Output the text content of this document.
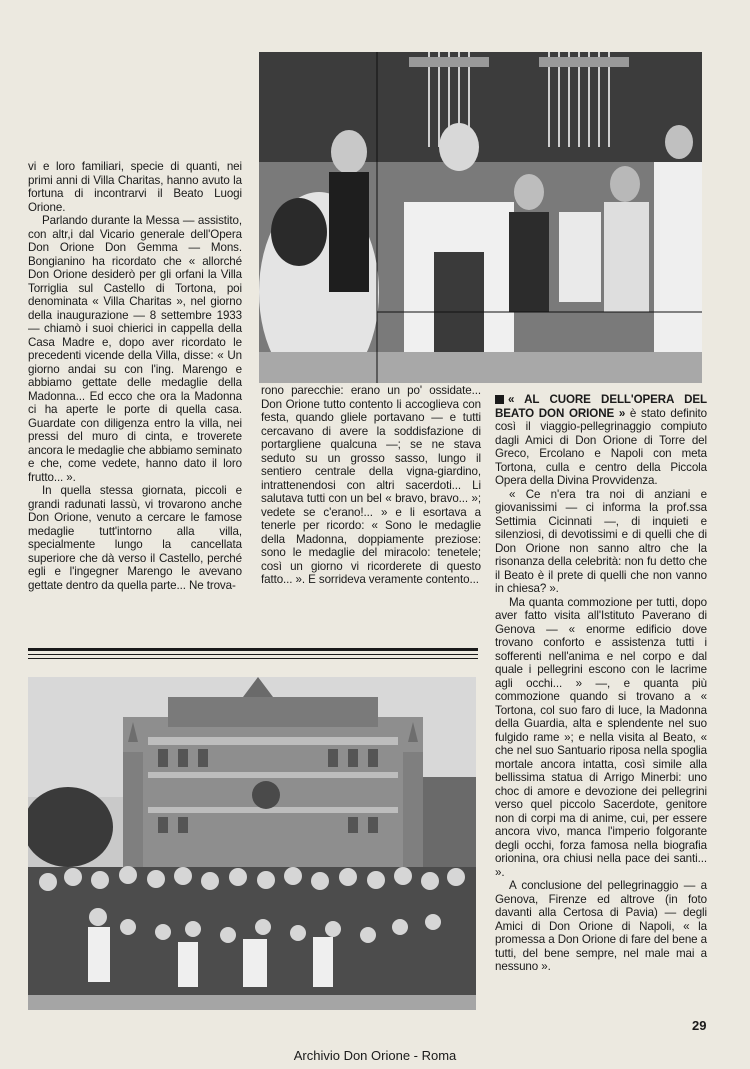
vi e loro familiari, specie di quanti, nei primi anni di Villa Charitas, hanno avuto la fortuna di incontrarvi il Beato Luogi Orione.

Parlando durante la Messa — assistito, con altr,i dal Vicario generale dell'Opera Don Orione Don Gemma — Mons. Bongianino ha ricordato che « allorché Don Orione desiderò per gli orfani la Villa Torriglia sul Castello di Tortona, poi denominata « Villa Charitas », nel giorno della inaugurazione — 8 settembre 1933 — chiamò i suoi chierici in cappella della Casa Madre e, dopo aver ricordato le precedenti vicende della Villa, disse: « Un giorno andai su con l'ing. Marengo e abbiamo gettate delle medaglie della Madonna... Ed ecco che ora la Madonna ci ha aperte le porte di quella casa. Guardate con diligenza entro la villa, nei pressi del muro di cinta, e troverete ancora le medaglie che abbiamo seminato e che, come vedete, hanno dato il loro frutto... ».

In quella stessa giornata, piccoli e grandi radunati lassù, vi trovarono anche Don Orione, venuto a cercare le famose medaglie tutt'intorno alla villa, specialmente lungo la cancellata superiore che dà verso il Castello, perché egli e l'ingegner Marengo le avevano gettate dentro da quella parte... Ne trova-

rono parecchie: erano un po' ossidate... Don Orione tutto contento li accoglieva con festa, quando gliele portavano — e tutti cercavano di avere la soddisfazione di portargliene qualcuna —; se ne stava seduto su un grosso sasso, lungo il sentiero centrale della vigna-giardino, intrattenendosi con altri sacerdoti... Li salutava tutti con un bel « bravo, bravo... »; vedete se c'erano!... » e li esortava a tenerle per ricordo: « Sono le medaglie della Madonna, doppiamente preziose: sono le medaglie del miracolo: tenetele; così un giorno vi ricorderete di questo fatto... ». E sorrideva veramente contento...

« AL CUORE DELL'OPERA DEL BEATO DON ORIONE » è stato definito così il viaggio-pellegrinaggio compiuto dagli Amici di Don Orione di Torre del Greco, Ercolano e Napoli con meta Tortona, culla e centro della Piccola Opera della Divina Provvidenza.

« Ce n'era tra noi di anziani e giovanissimi — ci informa la prof.ssa Settimia Cicinnati —, di inquieti e silenziosi, di devotissimi e di quelli che di Don Orione non sanno altro che la risonanza della celebrità: non fu detto che il Beato è il prete di quelli che non vanno in chiesa? ».

Ma quanta commozione per tutti, dopo aver fatto visita all'Istituto Paverano di Genova — « enorme edificio dove trovano conforto e assistenza tutti i sofferenti nell'anima e nel corpo e dal quale i pellegrini escono con le lacrime agli occhi... » —, e quanta più commozione quando si trovano a « Tortona, col suo faro di luce, la Madonna della Guardia, alta e splendente nel suo fulgido rame »; e nella visita al Beato, « che nel suo Santuario riposa nella spoglia mortale ancora intatta, così simile alla bellissima statua di Arrigo Minerbi: uno choc di amore e devozione dei pellegrini verso quel piccolo Sacerdote, genitore non di corpi ma di anime, cui, per essere ancora vivo, manca l'imperio folgorante degli occhi, forza famosa nella biografia orionina, ora chiusi nella pace dei santi... ».

A conclusione del pellegrinaggio — a Genova, Firenze ed altrove (in foto davanti alla Certosa di Pavia) — degli Amici di Don Orione di Napoli, « la promessa a Don Orione di fare del bene a tutti, del bene sempre, nel male mai a nessuno ».

29
Archivio Don Orione - Roma
